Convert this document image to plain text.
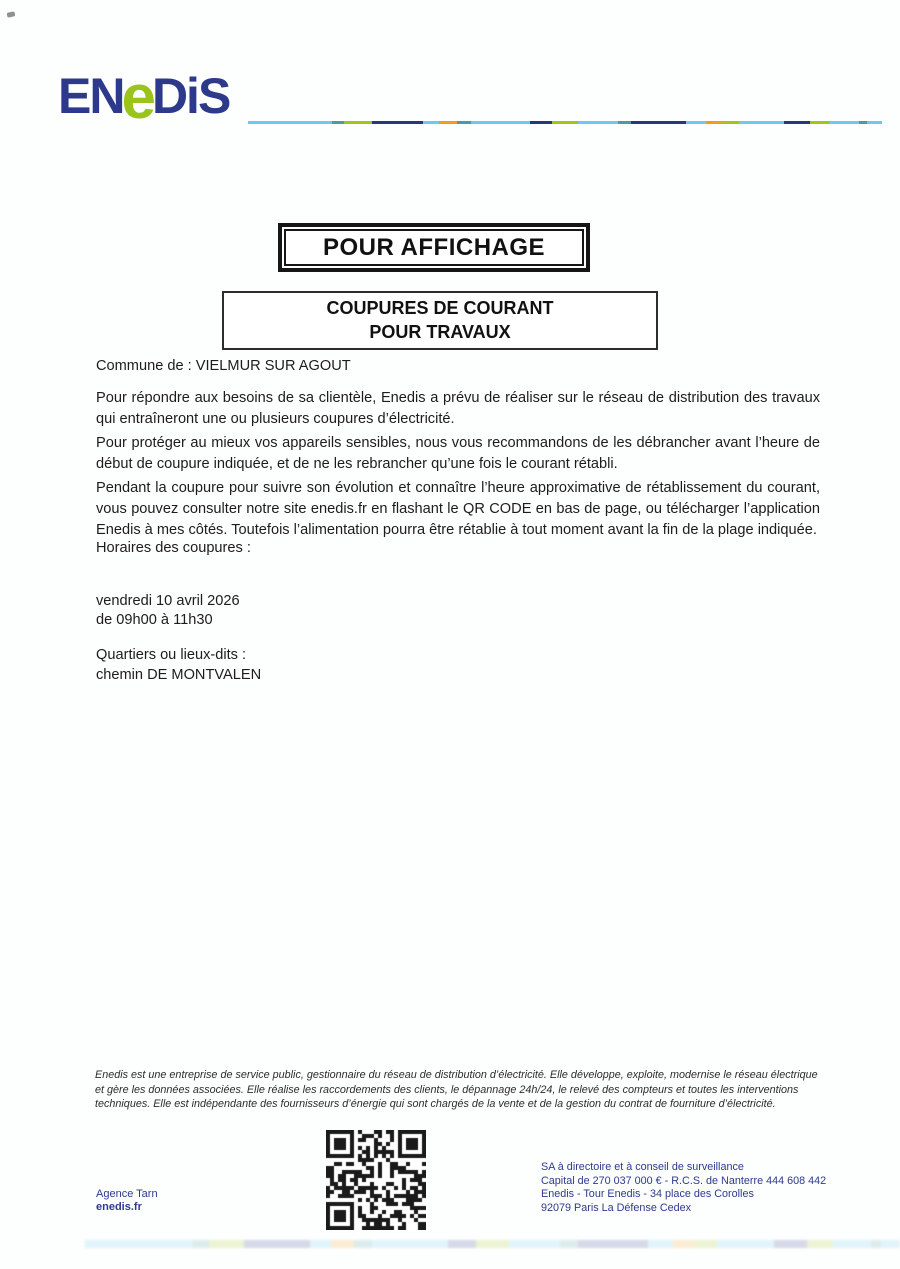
ENeDiS
POUR AFFICHAGE
COUPURES DE COURANT
POUR TRAVAUX
Commune de : VIELMUR SUR AGOUT
Pour répondre aux besoins de sa clientèle, Enedis a prévu de réaliser sur le réseau de distribution des travaux qui entraîneront une ou plusieurs coupures d’électricité.
Pour protéger au mieux vos appareils sensibles, nous vous recommandons de les débrancher avant l’heure de début de coupure indiquée, et de ne les rebrancher qu’une fois le courant rétabli.
Pendant la coupure pour suivre son évolution et connaître l’heure approximative de rétablissement du courant, vous pouvez consulter notre site enedis.fr en flashant le QR CODE en bas de page, ou télécharger l’application Enedis à mes côtés. Toutefois l’alimentation pourra être rétablie à tout moment avant la fin de la plage indiquée.
Horaires des coupures :
vendredi 10 avril 2026
de 09h00 à 11h30
Quartiers ou lieux-dits :
chemin DE MONTVALEN
Enedis est une entreprise de service public, gestionnaire du réseau de distribution d’électricité. Elle développe, exploite, modernise le réseau électrique et gère les données associées. Elle réalise les raccordements des clients, le dépannage 24h/24, le relevé des compteurs et toutes les interventions techniques. Elle est indépendante des fournisseurs d’énergie qui sont chargés de la vente et de la gestion du contrat de fourniture d’électricité.
Agence Tarn
enedis.fr
SA à directoire et à conseil de surveillance
Capital de 270 037 000 € - R.C.S. de Nanterre 444 608 442
Enedis - Tour Enedis - 34 place des Corolles
92079 Paris La Défense Cedex
